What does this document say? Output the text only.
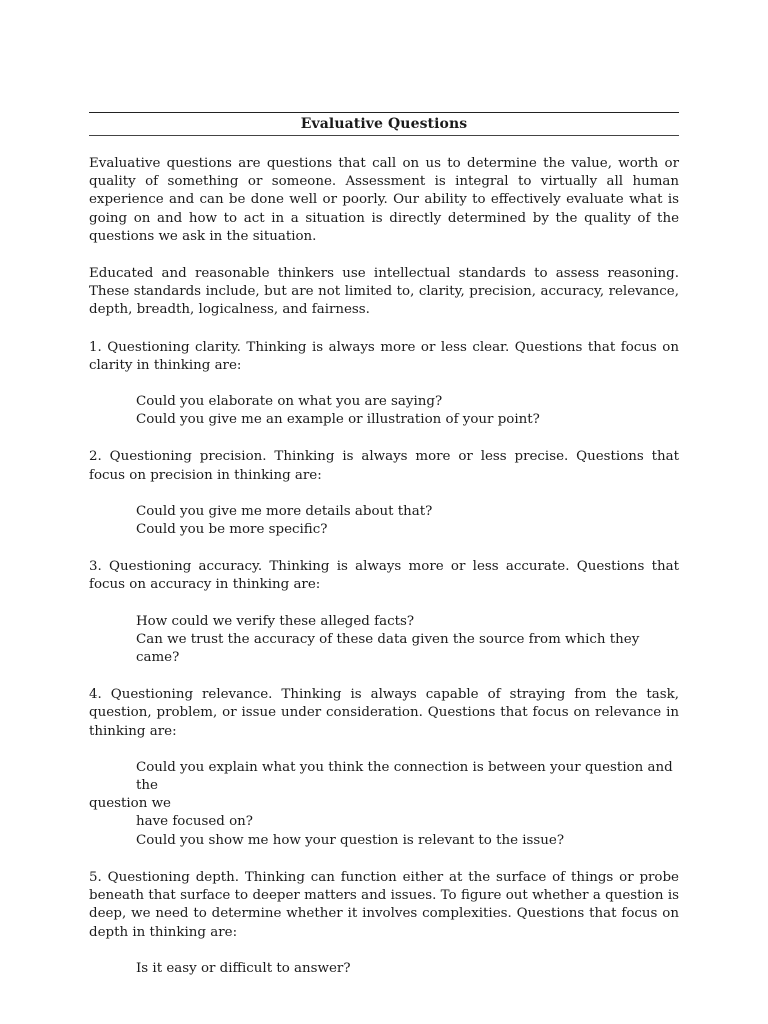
Evaluative Questions

Evaluative questions are questions that call on us to determine the value, worth or quality of something or someone. Assessment is integral to virtually all human experience and can be done well or poorly. Our ability to effectively evaluate what is going on and how to act in a situation is directly determined by the quality of the questions we ask in the situation.

Educated and reasonable thinkers use intellectual standards to assess reasoning. These standards include, but are not limited to, clarity, precision, accuracy, relevance, depth, breadth, logicalness, and fairness.

1. Questioning clarity. Thinking is always more or less clear. Questions that focus on clarity in thinking are:

Could you elaborate on what you are saying?
Could you give me an example or illustration of your point?

2. Questioning precision. Thinking is always more or less precise. Questions that focus on precision in thinking are:

Could you give me more details about that?
Could you be more specific?

3. Questioning accuracy. Thinking is always more or less accurate. Questions that focus on accuracy in thinking are:

How could we verify these alleged facts?
Can we trust the accuracy of these data given the source from which they came?

4. Questioning relevance. Thinking is always capable of straying from the task, question, problem, or issue under consideration. Questions that focus on relevance in thinking are:

Could you explain what you think the connection is between your question and the
question we
have focused on?
Could you show me how your question is relevant to the issue?

5. Questioning depth. Thinking can function either at the surface of things or probe beneath that surface to deeper matters and issues. To figure out whether a question is deep, we need to determine whether it involves complexities. Questions that focus on depth in thinking are:

Is it easy or difficult to answer?
